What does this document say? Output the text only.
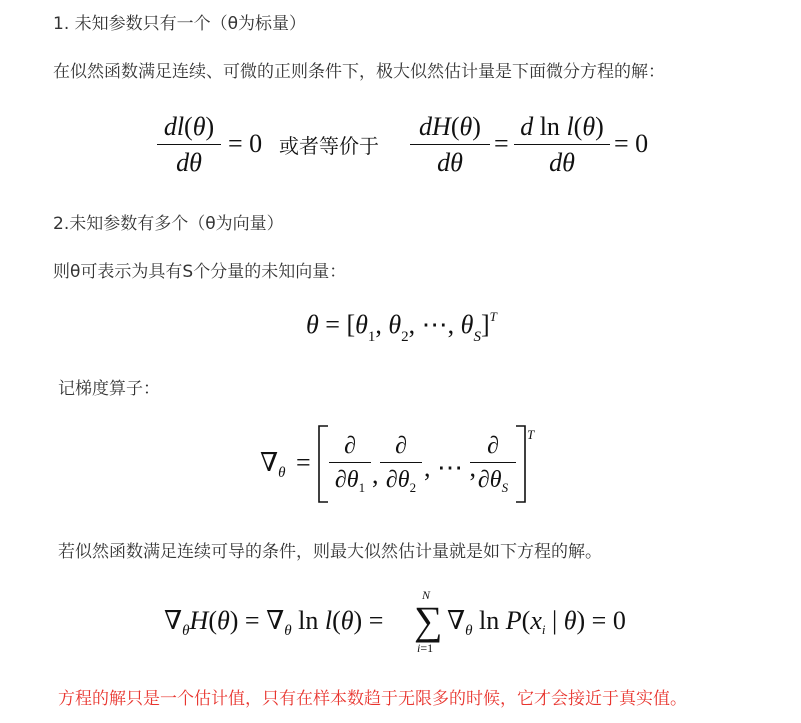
1. 未知参数只有一个（θ为标量）
在似然函数满足连续、可微的正则条件下，极大似然估计量是下面微分方程的解：
dl(θ)
dθ
= 0 或者等价于
dH(θ)
dθ
=
d ln l(θ)
dθ
= 0
2.未知参数有多个（θ为向量）
则θ可表示为具有S个分量的未知向量：
$\theta = [\theta_1$, $\theta_2$, ⋯, $\theta_S]^T$
记梯度算子：
$\nabla_\theta$ =
∂
$\partial\theta_1$ ,
∂
$\partial\theta_2$
, ⋯ ,
∂
$\partial\theta_S$
T
若似然函数满足连续可导的条件，则最大似然估计量就是如下方程的解。
$\nabla_\theta H(\theta) = \nabla_\theta$ ln l(θ) =
N
∑
i=1
$\nabla_\theta$ ln P(xi | θ) = 0
方程的解只是一个估计值，只有在样本数趋于无限多的时候，它才会接近于真实值。
